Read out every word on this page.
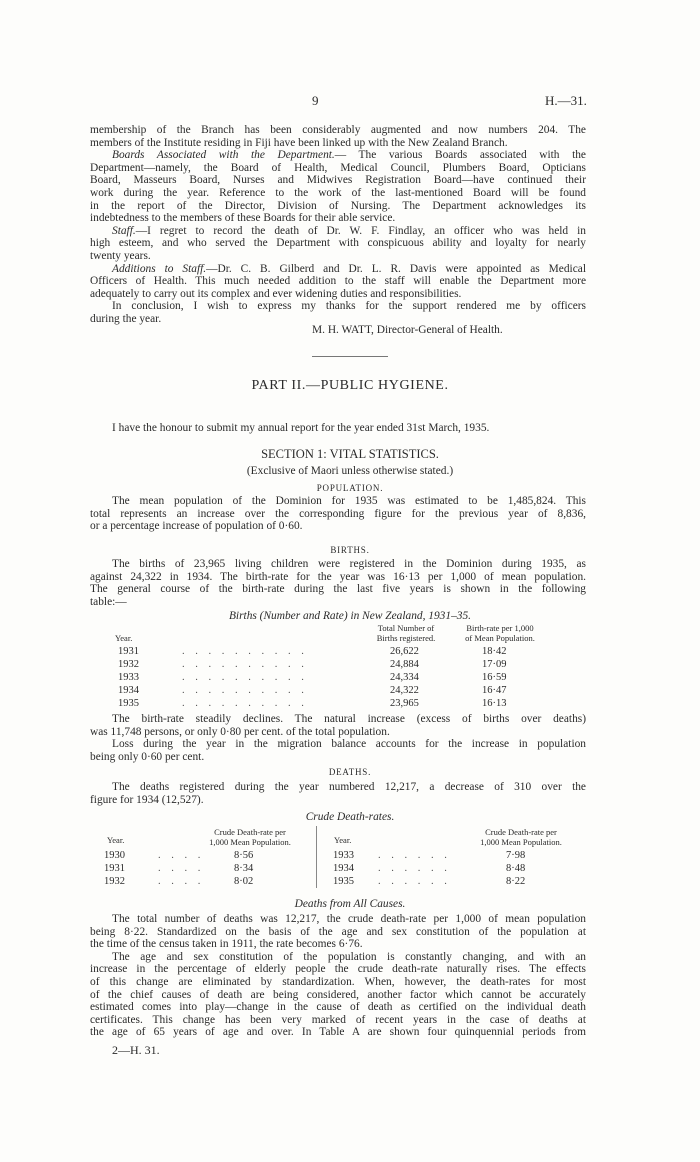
9	H.—31.
membership of the Branch has been considerably augmented and now numbers 204. The
members of the Institute residing in Fiji have been linked up with the New Zealand Branch.
Boards Associated with the Department.— The various Boards associated with the
Department—namely, the Board of Health, Medical Council, Plumbers Board, Opticians
Board, Masseurs Board, Nurses and Midwives Registration Board—have continued their
work during the year. Reference to the work of the last-mentioned Board will be found
in the report of the Director, Division of Nursing. The Department acknowledges its
indebtedness to the members of these Boards for their able service.
Staff.—I regret to record the death of Dr. W. F. Findlay, an officer who was held in
high esteem, and who served the Department with conspicuous ability and loyalty for nearly
twenty years.
Additions to Staff.—Dr. C. B. Gilberd and Dr. L. R. Davis were appointed as Medical
Officers of Health. This much needed addition to the staff will enable the Department more
adequately to carry out its complex and ever widening duties and responsibilities.
In conclusion, I wish to express my thanks for the support rendered me by officers
during the year.
M. H. WATT, Director-General of Health.
PART II.—PUBLIC HYGIENE.
I have the honour to submit my annual report for the year ended 31st March, 1935.
SECTION 1: VITAL STATISTICS.
(Exclusive of Maori unless otherwise stated.)
POPULATION.
The mean population of the Dominion for 1935 was estimated to be 1,485,824. This
total represents an increase over the corresponding figure for the previous year of 8,836,
or a percentage increase of population of 0·60.
BIRTHS.
The births of 23,965 living children were registered in the Dominion during 1935, as
against 24,322 in 1934. The birth-rate for the year was 16·13 per 1,000 of mean population.
The general course of the birth-rate during the last five years is shown in the following
table:—
Births (Number and Rate) in New Zealand, 1931–35.
Year.
Total Number of
Births registered.
Birth-rate per 1,000
of Mean Population.
1931	. . . . . . . . . .	26,622	18·42
1932	. . . . . . . . . .	24,884	17·09
1933	. . . . . . . . . .	24,334	16·59
1934	. . . . . . . . . .	24,322	16·47
1935	. . . . . . . . . .	23,965	16·13
The birth-rate steadily declines. The natural increase (excess of births over deaths)
was 11,748 persons, or only 0·80 per cent. of the total population.
Loss during the year in the migration balance accounts for the increase in population
being only 0·60 per cent.
DEATHS.
The deaths registered during the year numbered 12,217, a decrease of 310 over the
figure for 1934 (12,527).
Crude Death-rates.
Year.
Crude Death-rate per
1,000 Mean Population.	Year.
Crude Death-rate per
1,000 Mean Population.
1930	. . . .	8·56	1933 . . . . . .	7·98
1931	. . . .	8·34	1934 . . . . . .	8·48
1932	. . . .	8·02	1935 . . . . . .	8·22
Deaths from All Causes.
The total number of deaths was 12,217, the crude death-rate per 1,000 of mean population
being 8·22. Standardized on the basis of the age and sex constitution of the population at
the time of the census taken in 1911, the rate becomes 6·76.
The age and sex constitution of the population is constantly changing, and with an
increase in the percentage of elderly people the crude death-rate naturally rises. The effects
of this change are eliminated by standardization. When, however, the death-rates for most
of the chief causes of death are being considered, another factor which cannot be accurately
estimated comes into play—change in the cause of death as certified on the individual death
certificates. This change has been very marked of recent years in the case of deaths at
the age of 65 years of age and over. In Table A are shown four quinquennial periods from
2—H. 31.
